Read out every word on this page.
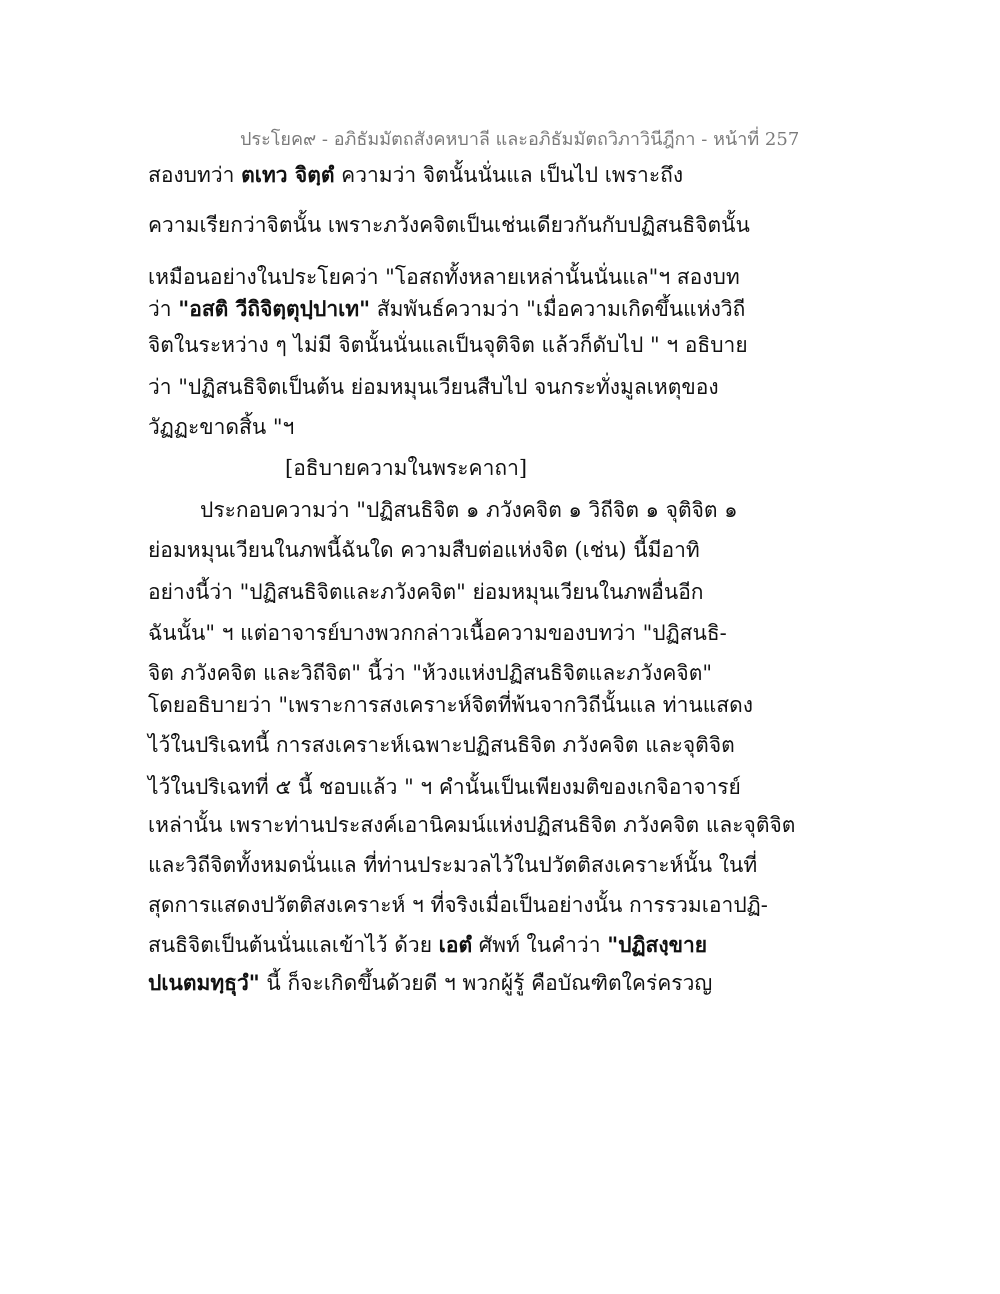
ประโยค๙ - อภิธัมมัตถสังคหบาลี และอภิธัมมัตถวิภาวินีฎีกา - หน้าที่ 257
สองบทว่า ตเทว จิตฺตํ ความว่า จิตนั้นนั่นแล เป็นไป เพราะถึง
ความเรียกว่าจิตนั้น เพราะภวังคจิตเป็นเช่นเดียวกันกับปฏิสนธิจิตนั้น
เหมือนอย่างในประโยคว่า "โอสถทั้งหลายเหล่านั้นนั่นแล"ฯ สองบท
ว่า "อสติ วีถิจิตฺตุปฺปาเท" สัมพันธ์ความว่า "เมื่อความเกิดขึ้นแห่งวิถี
จิตในระหว่าง ๆ ไม่มี จิตนั้นนั่นแลเป็นจุติจิต แล้วก็ดับไป " ฯ อธิบาย
ว่า "ปฏิสนธิจิตเป็นต้น ย่อมหมุนเวียนสืบไป จนกระทั่งมูลเหตุของ
วัฏฏะขาดสิ้น "ฯ
[อธิบายความในพระคาถา]
ประกอบความว่า "ปฏิสนธิจิต ๑ ภวังคจิต ๑ วิถีจิต ๑ จุติจิต ๑
ย่อมหมุนเวียนในภพนี้ฉันใด ความสืบต่อแห่งจิต (เช่น) นี้มีอาทิ
อย่างนี้ว่า "ปฏิสนธิจิตและภวังคจิต" ย่อมหมุนเวียนในภพอื่นอีก
ฉันนั้น" ฯ แต่อาจารย์บางพวกกล่าวเนื้อความของบทว่า "ปฏิสนธิ-
จิต ภวังคจิต และวิถีจิต" นี้ว่า "ห้วงแห่งปฏิสนธิจิตและภวังคจิต"
โดยอธิบายว่า "เพราะการสงเคราะห์จิตที่พ้นจากวิถีนั้นแล ท่านแสดง
ไว้ในปริเฉทนี้ การสงเคราะห์เฉพาะปฏิสนธิจิต ภวังคจิต และจุติจิต
ไว้ในปริเฉทที่ ๕ นี้ ชอบแล้ว " ฯ คำนั้นเป็นเพียงมติของเกจิอาจารย์
เหล่านั้น เพราะท่านประสงค์เอานิคมน์แห่งปฏิสนธิจิต ภวังคจิต และจุติจิต
และวิถีจิตทั้งหมดนั่นแล ที่ท่านประมวลไว้ในปวัตติสงเคราะห์นั้น ในที่
สุดการแสดงปวัตติสงเคราะห์ ฯ ที่จริงเมื่อเป็นอย่างนั้น การรวมเอาปฏิ-
สนธิจิตเป็นต้นนั่นแลเข้าไว้ ด้วย เอตํ ศัพท์ ในคำว่า "ปฏิสงฺขาย
ปเนตมทฺธุวํ" นี้ ก็จะเกิดขึ้นด้วยดี ฯ พวกผู้รู้ คือบัณฑิตใคร่ครวญ
